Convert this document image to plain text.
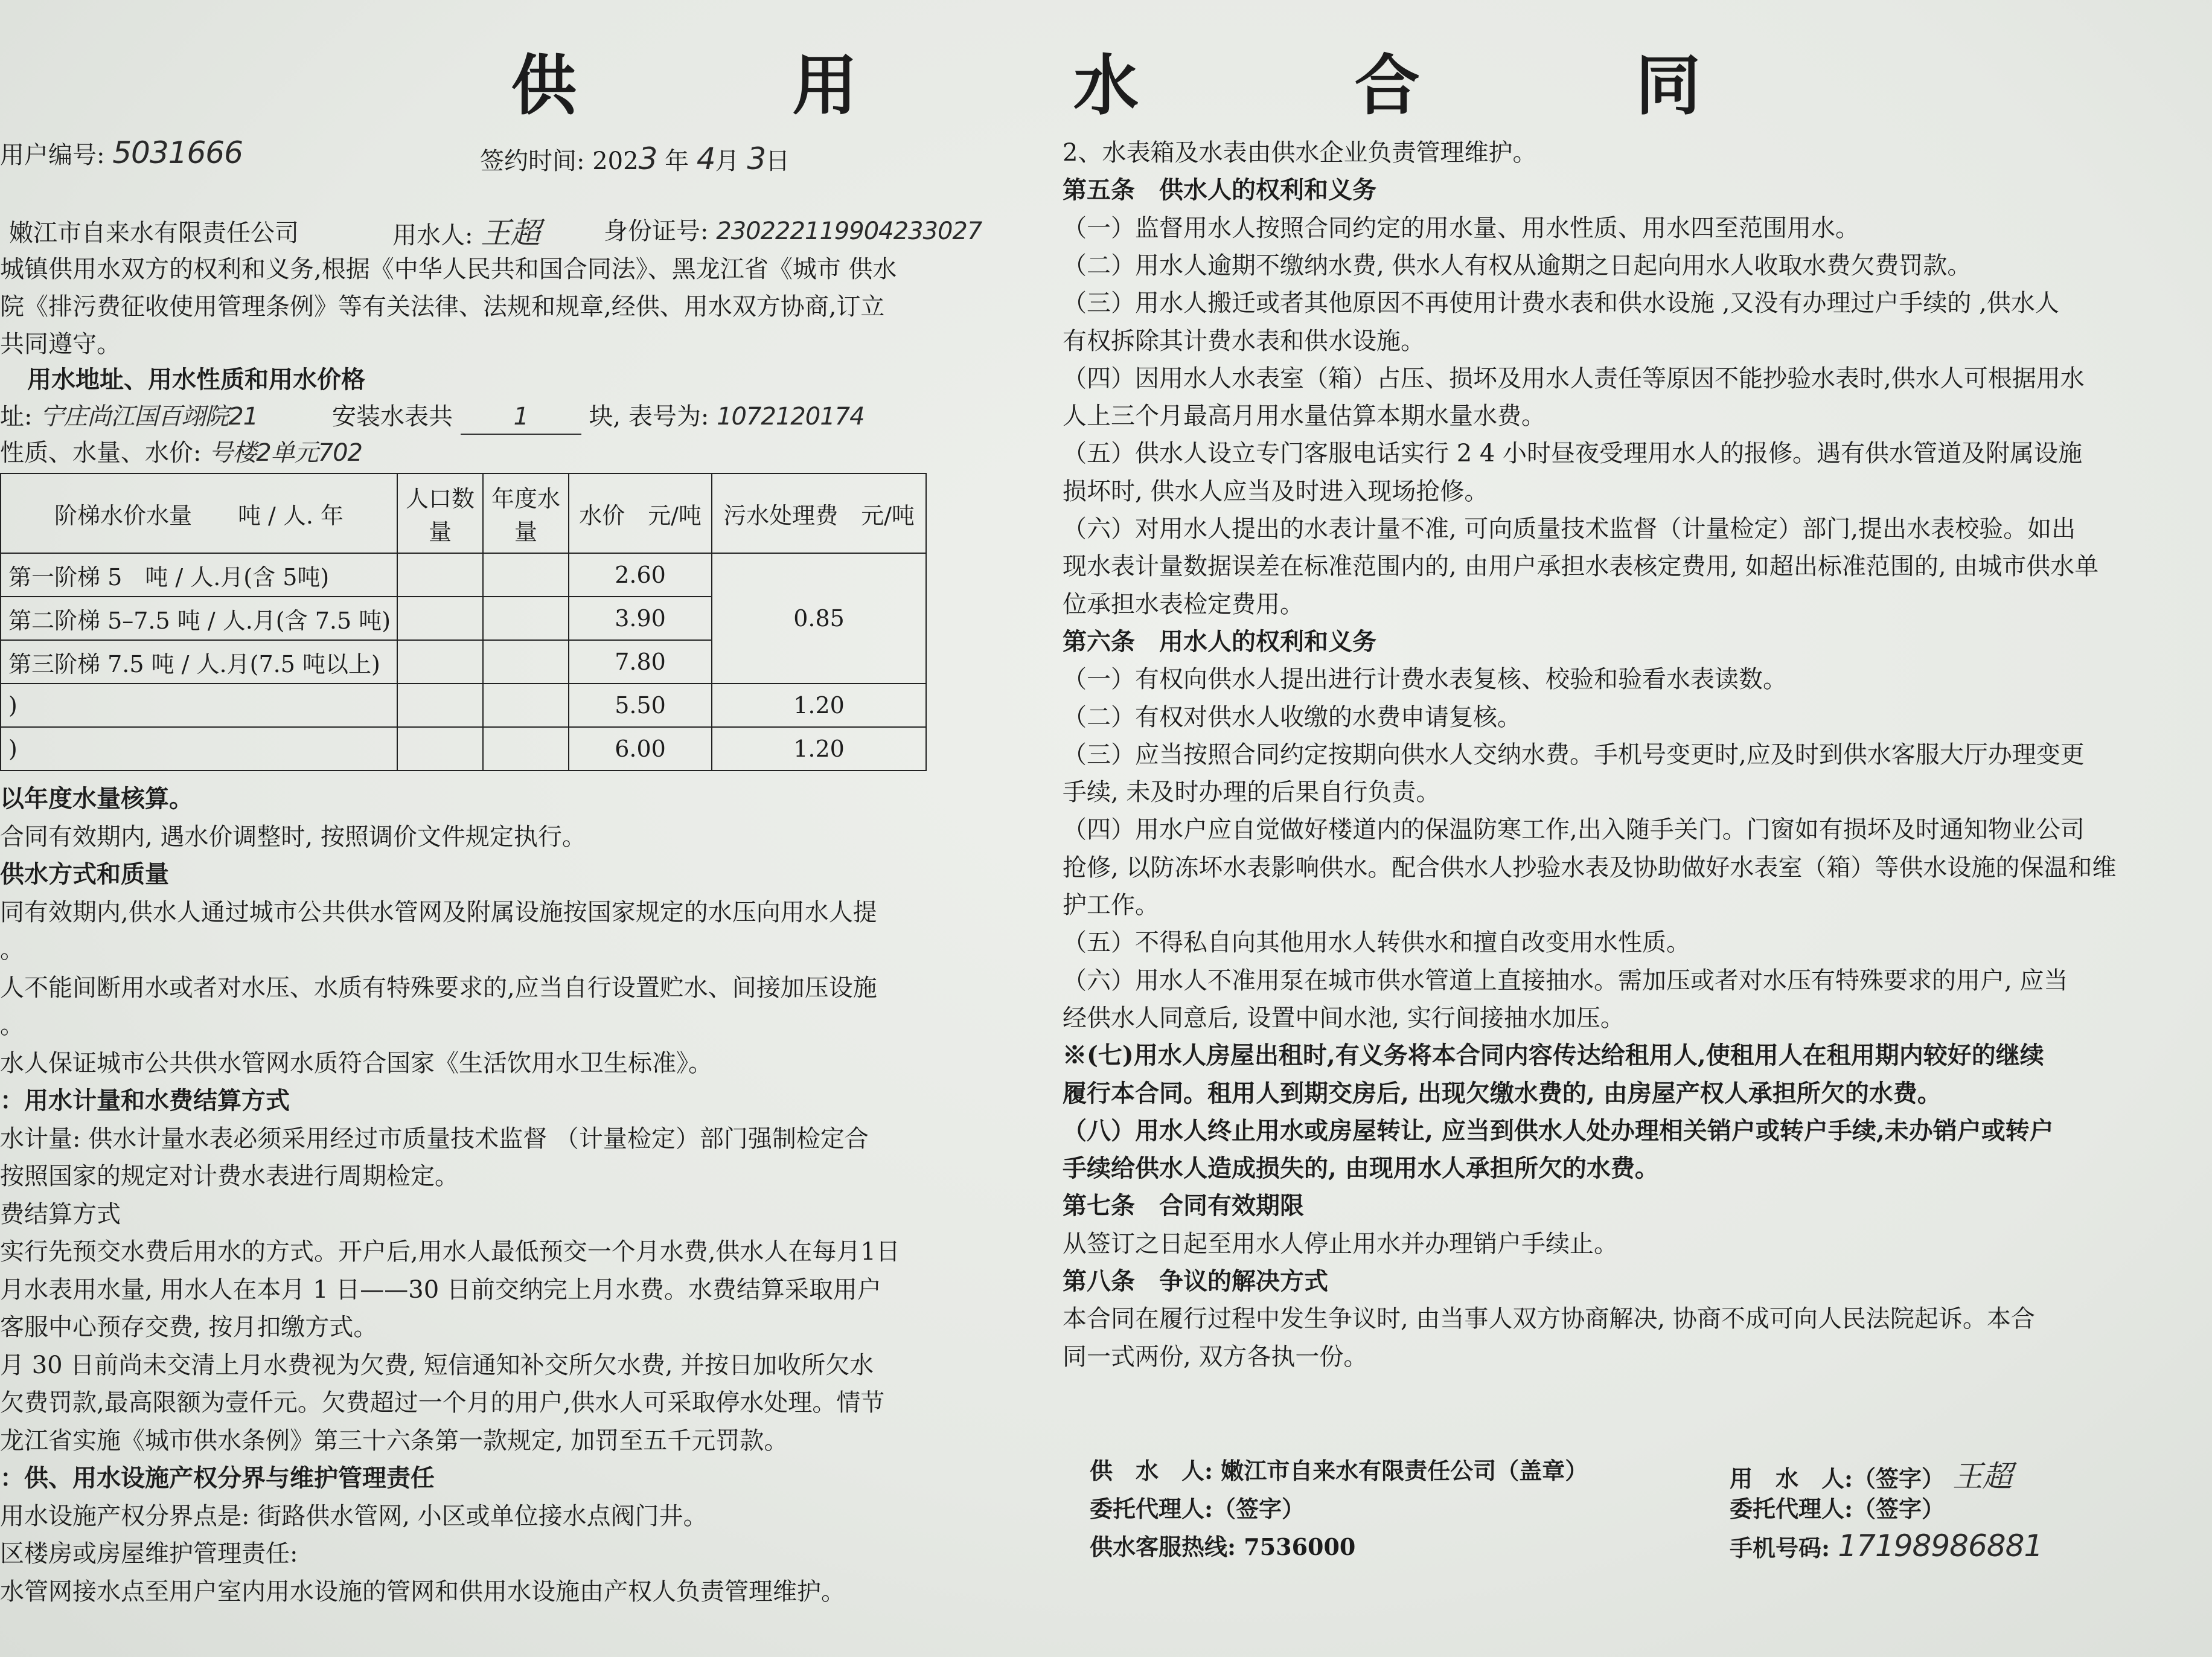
供 用 水 合 同
用户编号: 5031666	签约时间: 2023 年 4月 3日
嫩江市自来水有限责任公司	用水人: 王超	身份证号: 230222119904233027
城镇供用水双方的权利和义务,根据《中华人民共和国合同法》、黑龙江省《城市 供水
院《排污费征收使用管理条例》等有关法律、法规和规章,经供、用水双方协商,订立
共同遵守。
用水地址、用水性质和用水价格
址: 宁庄尚江国百翊院21	安装水表共	1	块, 表号为: 1072120174
性质、水量、水价: 号楼2单元702
阶梯水价水量　　吨 / 人. 年	人口数量	年度水量	水价　元/吨	污水处理费　元/吨
第一阶梯 5　吨 / 人.月(含 5吨)			2.60	0.85
第二阶梯 5–7.5 吨 / 人.月(含 7.5 吨)			3.90	
第三阶梯 7.5 吨 / 人.月(7.5 吨以上)			7.80	
)			5.50	1.20
)			6.00	1.20
以年度水量核算。
合同有效期内, 遇水价调整时, 按照调价文件规定执行。
供水方式和质量
同有效期内,供水人通过城市公共供水管网及附属设施按国家规定的水压向用水人提
。
人不能间断用水或者对水压、水质有特殊要求的,应当自行设置贮水、间接加压设施
。
水人保证城市公共供水管网水质符合国家《生活饮用水卫生标准》。
：用水计量和水费结算方式
水计量: 供水计量水表必须采用经过市质量技术监督 （计量检定）部门强制检定合
按照国家的规定对计费水表进行周期检定。
费结算方式
实行先预交水费后用水的方式。开户后,用水人最低预交一个月水费,供水人在每月1日
月水表用水量, 用水人在本月 1 日——30 日前交纳完上月水费。水费结算采取用户
客服中心预存交费, 按月扣缴方式。
月 30 日前尚未交清上月水费视为欠费, 短信通知补交所欠水费, 并按日加收所欠水
欠费罚款,最高限额为壹仟元。欠费超过一个月的用户,供水人可采取停水处理。情节
龙江省实施《城市供水条例》第三十六条第一款规定, 加罚至五千元罚款。
：供、用水设施产权分界与维护管理责任
用水设施产权分界点是: 街路供水管网, 小区或单位接水点阀门井。
区楼房或房屋维护管理责任:
水管网接水点至用户室内用水设施的管网和供用水设施由产权人负责管理维护。
2、水表箱及水表由供水企业负责管理维护。
第五条　供水人的权利和义务
（一）监督用水人按照合同约定的用水量、用水性质、用水四至范围用水。
（二）用水人逾期不缴纳水费, 供水人有权从逾期之日起向用水人收取水费欠费罚款。
（三）用水人搬迁或者其他原因不再使用计费水表和供水设施 ,又没有办理过户手续的 ,供水人
有权拆除其计费水表和供水设施。
（四）因用水人水表室（箱）占压、损坏及用水人责任等原因不能抄验水表时,供水人可根据用水
人上三个月最高月用水量估算本期水量水费。
（五）供水人设立专门客服电话实行 2 4 小时昼夜受理用水人的报修。遇有供水管道及附属设施
损坏时, 供水人应当及时进入现场抢修。
（六）对用水人提出的水表计量不准, 可向质量技术监督（计量检定）部门,提出水表校验。如出
现水表计量数据误差在标准范围内的, 由用户承担水表核定费用, 如超出标准范围的, 由城市供水单
位承担水表检定费用。
第六条　用水人的权利和义务
（一）有权向供水人提出进行计费水表复核、校验和验看水表读数。
（二）有权对供水人收缴的水费申请复核。
（三）应当按照合同约定按期向供水人交纳水费。手机号变更时,应及时到供水客服大厅办理变更
手续, 未及时办理的后果自行负责。
（四）用水户应自觉做好楼道内的保温防寒工作,出入随手关门。门窗如有损坏及时通知物业公司
抢修, 以防冻坏水表影响供水。配合供水人抄验水表及协助做好水表室（箱）等供水设施的保温和维
护工作。
（五）不得私自向其他用水人转供水和擅自改变用水性质。
（六）用水人不准用泵在城市供水管道上直接抽水。需加压或者对水压有特殊要求的用户, 应当
经供水人同意后, 设置中间水池, 实行间接抽水加压。
※(七)用水人房屋出租时,有义务将本合同内容传达给租用人,使租用人在租用期内较好的继续
履行本合同。租用人到期交房后, 出现欠缴水费的, 由房屋产权人承担所欠的水费。
（八）用水人终止用水或房屋转让, 应当到供水人处办理相关销户或转户手续,未办销户或转户
手续给供水人造成损失的, 由现用水人承担所欠的水费。
第七条　合同有效期限
从签订之日起至用水人停止用水并办理销户手续止。
第八条　争议的解决方式
本合同在履行过程中发生争议时, 由当事人双方协商解决, 协商不成可向人民法院起诉。本合
同一式两份, 双方各执一份。
供　水　人: 嫩江市自来水有限责任公司（盖章）
委托代理人:（签字）
供水客服热线: 7536000
用　水　人:（签字） 王超
委托代理人:（签字）
手机号码: 17198986881
